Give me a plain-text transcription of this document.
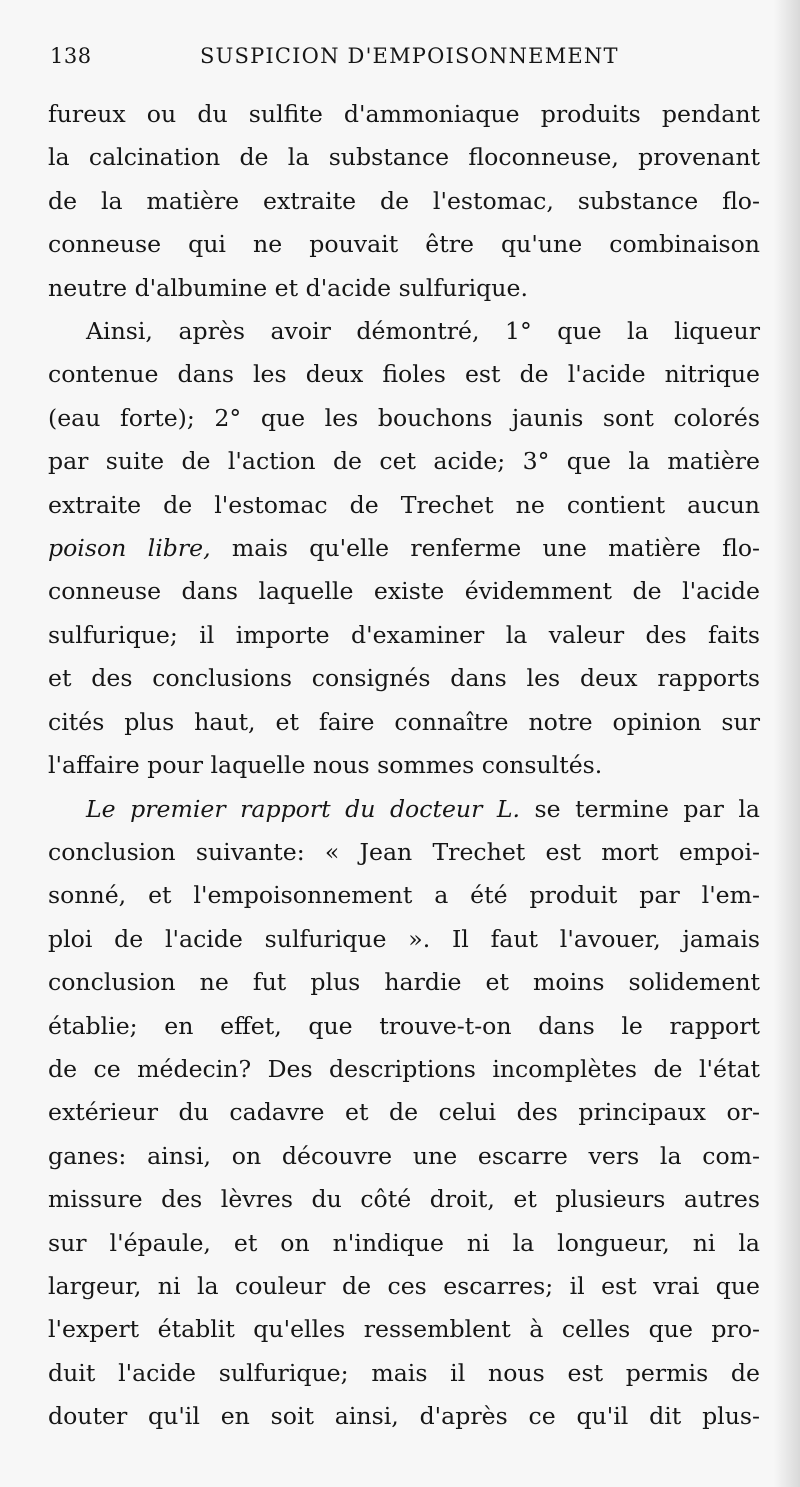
138	SUSPICION D'EMPOISONNEMENT
fureux ou du sulfite d'ammoniaque produits pendant
la calcination de la substance floconneuse, provenant
de la matière extraite de l'estomac, substance flo-
conneuse qui ne pouvait être qu'une combinaison
neutre d'albumine et d'acide sulfurique.
Ainsi, après avoir démontré, 1° que la liqueur
contenue dans les deux fioles est de l'acide nitrique
(eau forte); 2° que les bouchons jaunis sont colorés
par suite de l'action de cet acide; 3° que la matière
extraite de l'estomac de Trechet ne contient aucun
poison libre, mais qu'elle renferme une matière flo-
conneuse dans laquelle existe évidemment de l'acide
sulfurique; il importe d'examiner la valeur des faits
et des conclusions consignés dans les deux rapports
cités plus haut, et faire connaître notre opinion sur
l'affaire pour laquelle nous sommes consultés.
Le premier rapport du docteur L. se termine par la
conclusion suivante: « Jean Trechet est mort empoi-
sonné, et l'empoisonnement a été produit par l'em-
ploi de l'acide sulfurique ». Il faut l'avouer, jamais
conclusion ne fut plus hardie et moins solidement
établie; en effet, que trouve-t-on dans le rapport
de ce médecin? Des descriptions incomplètes de l'état
extérieur du cadavre et de celui des principaux or-
ganes: ainsi, on découvre une escarre vers la com-
missure des lèvres du côté droit, et plusieurs autres
sur l'épaule, et on n'indique ni la longueur, ni la
largeur, ni la couleur de ces escarres; il est vrai que
l'expert établit qu'elles ressemblent à celles que pro-
duit l'acide sulfurique; mais il nous est permis de
douter qu'il en soit ainsi, d'après ce qu'il dit plus-
